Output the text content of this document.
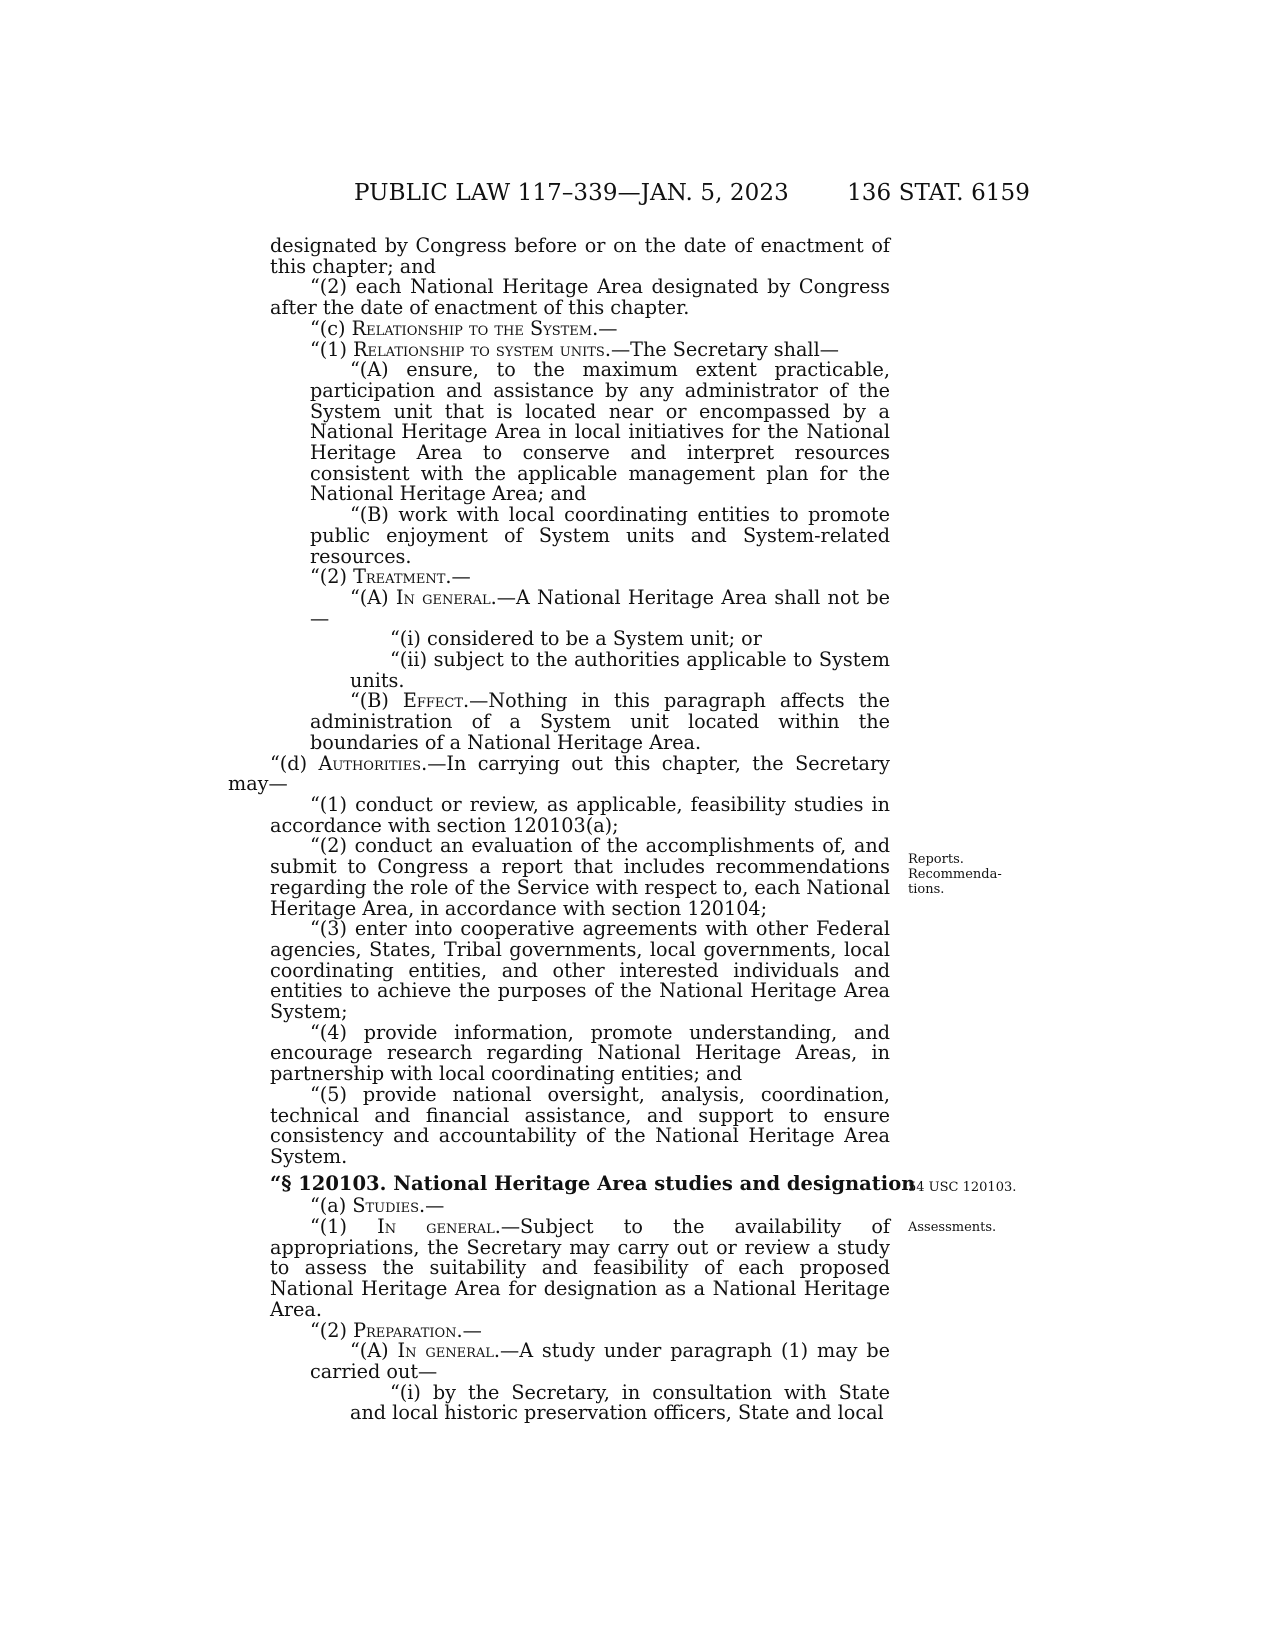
PUBLIC LAW 117–339—JAN. 5, 2023	136 STAT. 6159

designated by Congress before or on the date of enactment of this chapter; and

“(2) each National Heritage Area designated by Congress after the date of enactment of this chapter.

“(c) Relationship to the System.—

“(1) Relationship to system units.—The Secretary shall—

“(A) ensure, to the maximum extent practicable, participation and assistance by any administrator of the System unit that is located near or encompassed by a National Heritage Area in local initiatives for the National Heritage Area to conserve and interpret resources consistent with the applicable management plan for the National Heritage Area; and

“(B) work with local coordinating entities to promote public enjoyment of System units and System-related resources.

“(2) Treatment.—

“(A) In general.—A National Heritage Area shall not be—

“(i) considered to be a System unit; or

“(ii) subject to the authorities applicable to System units.

“(B) Effect.—Nothing in this paragraph affects the administration of a System unit located within the boundaries of a National Heritage Area.

“(d) Authorities.—In carrying out this chapter, the Secretary may—

“(1) conduct or review, as applicable, feasibility studies in accordance with section 120103(a);

“(2) conduct an evaluation of the accomplishments of, and submit to Congress a report that includes recommendations regarding the role of the Service with respect to, each National Heritage Area, in accordance with section 120104;

“(3) enter into cooperative agreements with other Federal agencies, States, Tribal governments, local governments, local coordinating entities, and other interested individuals and entities to achieve the purposes of the National Heritage Area System;

“(4) provide information, promote understanding, and encourage research regarding National Heritage Areas, in partnership with local coordinating entities; and

“(5) provide national oversight, analysis, coordination, technical and financial assistance, and support to ensure consistency and accountability of the National Heritage Area System.

“§ 120103. National Heritage Area studies and designation

“(a) Studies.—

“(1) In general.—Subject to the availability of appropriations, the Secretary may carry out or review a study to assess the suitability and feasibility of each proposed National Heritage Area for designation as a National Heritage Area.

“(2) Preparation.—

“(A) In general.—A study under paragraph (1) may be carried out—

“(i) by the Secretary, in consultation with State and local historic preservation officers, State and local

Reports.
Recommenda-
tions.
54 USC 120103.
Assessments.
